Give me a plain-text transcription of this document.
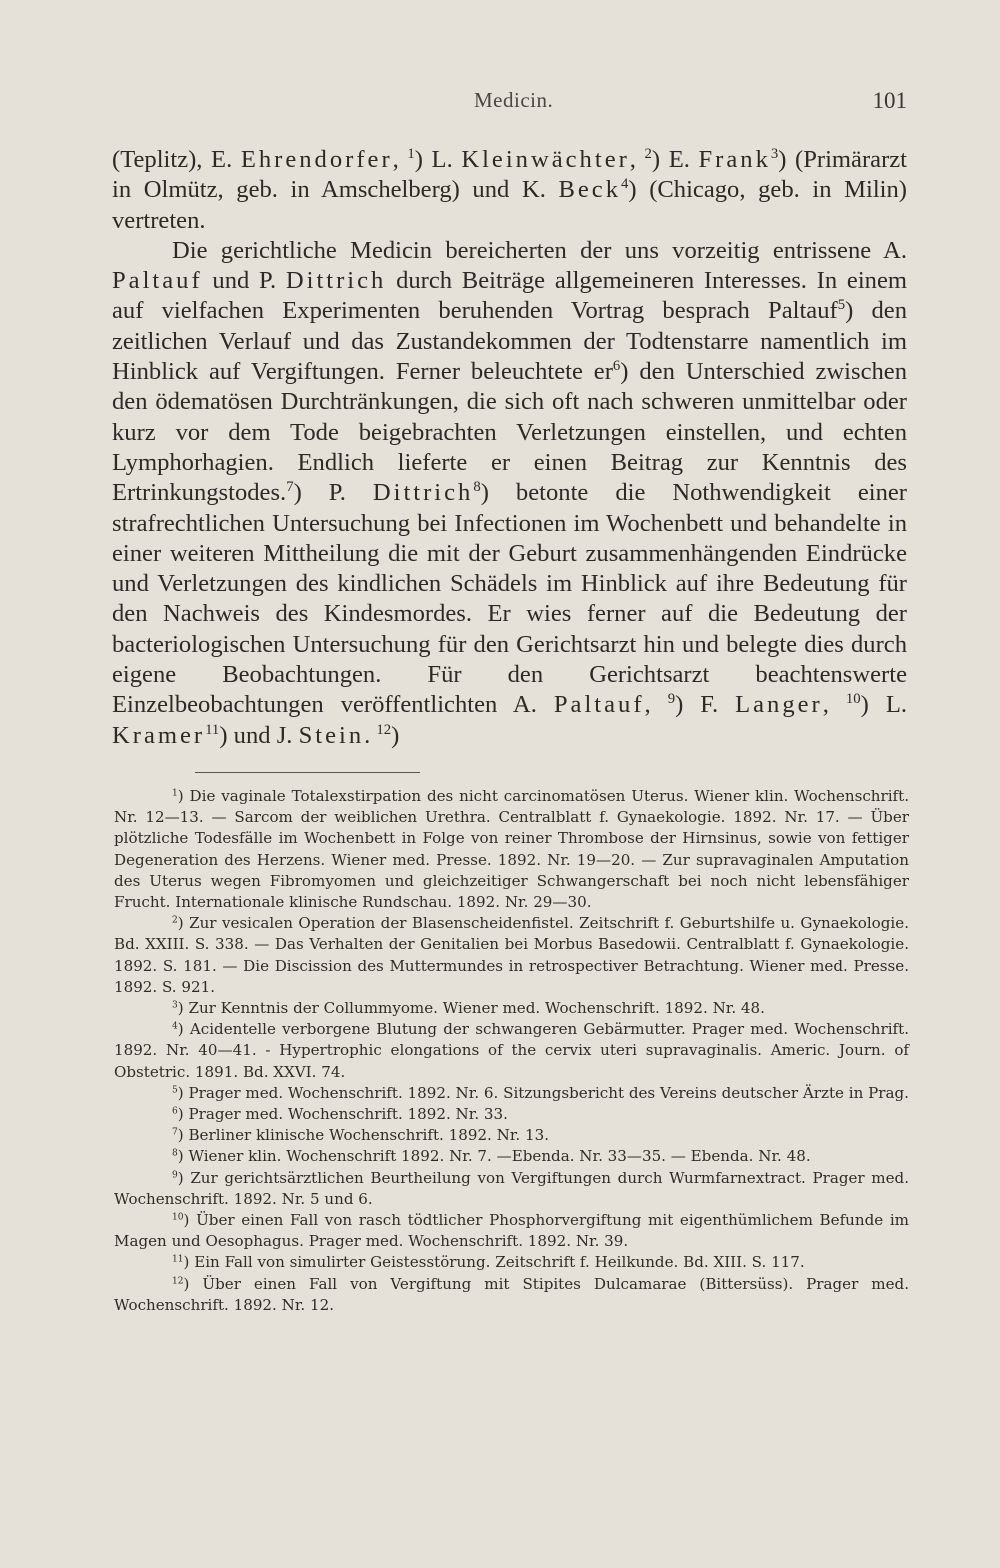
Medicin.	101

(Teplitz), E. Ehrendorfer, $^1$) L. Kleinwächter, $^2$) E. Frank$^3$) (Primärarzt in Olmütz, geb. in Amschelberg) und K. Beck$^4$) (Chicago, geb. in Milin) vertreten.

Die gerichtliche Medicin bereicherten der uns vorzeitig entrissene A. Paltauf und P. Dittrich durch Beiträge allgemeineren Interesses. In einem auf vielfachen Experimenten beruhenden Vortrag besprach Paltauf$^5$) den zeitlichen Verlauf und das Zustandekommen der Todtenstarre namentlich im Hinblick auf Vergiftungen. Ferner beleuchtete $er^6$) den Unterschied zwischen den ödematösen Durchtränkungen, die sich oft nach schweren unmittelbar oder kurz vor dem Tode beigebrachten Verletzungen einstellen, und echten Lymphorhagien. Endlich lieferte er einen Beitrag zur Kenntnis des Ertrinkungstodes.$^7$) P. Dittrich$^8$) betonte die Nothwendigkeit einer strafrechtlichen Untersuchung bei Infectionen im Wochenbett und behandelte in einer weiteren Mittheilung die mit der Geburt zusammenhängenden Eindrücke und Verletzungen des kindlichen Schädels im Hinblick auf ihre Bedeutung für den Nachweis des Kindesmordes. Er wies ferner auf die Bedeutung der bacteriologischen Untersuchung für den Gerichtsarzt hin und belegte dies durch eigene Beobachtungen. Für den Gerichtsarzt beachtenswerte Einzelbeobachtungen veröffentlichten A. Paltauf, $^9$) F. Langer, $^{10}$) L. Kramer$^{11}$) und J. Stein. $^{12}$)

$^1$) Die vaginale Totalexstirpation des nicht carcinomatösen Uterus. Wiener klin. Wochenschrift. Nr. 12—13. — Sarcom der weiblichen Urethra. Centralblatt f. Gynaekologie. 1892. Nr. 17. — Über plötzliche Todesfälle im Wochenbett in Folge von reiner Thrombose der Hirnsinus, sowie von fettiger Degeneration des Herzens. Wiener med. Presse. 1892. Nr. 19—20. — Zur supravaginalen Amputation des Uterus wegen Fibromyomen und gleichzeitiger Schwangerschaft bei noch nicht lebensfähiger Frucht. Internationale klinische Rundschau. 1892. Nr. 29—30.

$^2$) Zur vesicalen Operation der Blasenscheidenfistel. Zeitschrift f. Geburtshilfe u. Gynaekologie. Bd. XXIII. S. 338. — Das Verhalten der Genitalien bei Morbus Basedowii. Centralblatt f. Gynaekologie. 1892. S. 181. — Die Discission des Muttermundes in retrospectiver Betrachtung. Wiener med. Presse. 1892. S. 921.

$^3$) Zur Kenntnis der Collummyome. Wiener med. Wochenschrift. 1892. Nr. 48.

$^4$) Acidentelle verborgene Blutung der schwangeren Gebärmutter. Prager med. Wochenschrift. 1892. Nr. 40—41. - Hypertrophic elongations of the cervix uteri supravaginalis. Americ. Journ. of Obstetric. 1891. Bd. XXVI. 74.

$^5$) Prager med. Wochenschrift. 1892. Nr. 6. Sitzungsbericht des Vereins deutscher Ärzte in Prag.

$^6$) Prager med. Wochenschrift. 1892. Nr. 33.

$^7$) Berliner klinische Wochenschrift. 1892. Nr. 13.

$^8$) Wiener klin. Wochenschrift 1892. Nr. 7. —Ebenda. Nr. 33—35. — Ebenda. Nr. 48.

$^9$) Zur gerichtsärztlichen Beurtheilung von Vergiftungen durch Wurmfarnextract. Prager med. Wochenschrift. 1892. Nr. 5 und 6.

$^{10}$) Über einen Fall von rasch tödtlicher Phosphorvergiftung mit eigenthümlichem Befunde im Magen und Oesophagus. Prager med. Wochenschrift. 1892. Nr. 39.

$^{11}$) Ein Fall von simulirter Geistesstörung. Zeitschrift f. Heilkunde. Bd. XIII. S. 117.

$^{12}$) Über einen Fall von Vergiftung mit Stipites Dulcamarae (Bittersüss). Prager med. Wochenschrift. 1892. Nr. 12.
